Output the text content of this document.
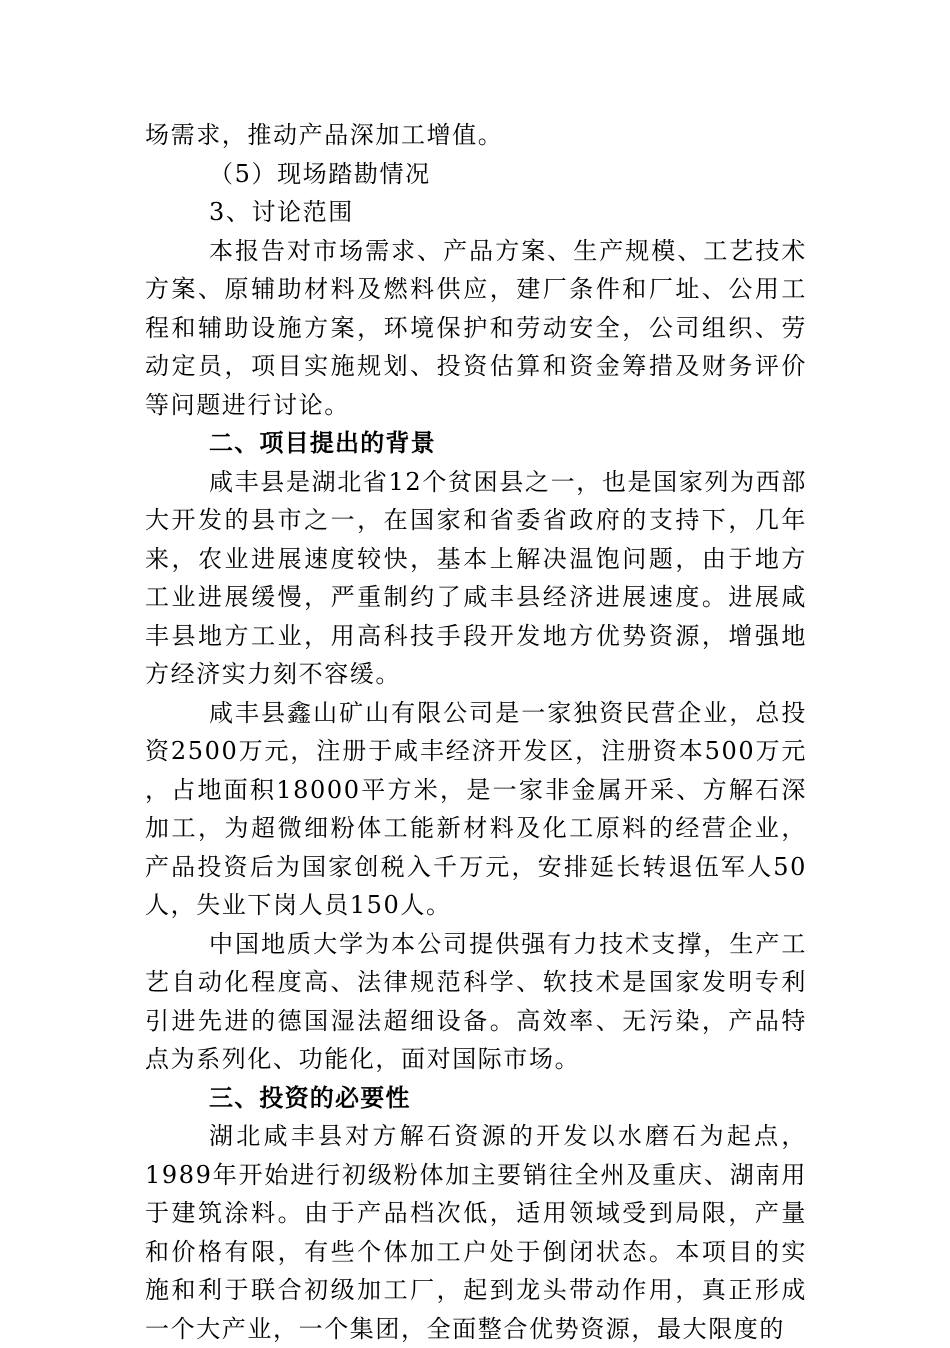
场需求，推动产品深加工增值。

（5）现场踏勘情况

3、讨论范围

本报告对市场需求、产品方案、生产规模、工艺技术方案、原辅助材料及燃料供应，建厂条件和厂址、公用工程和辅助设施方案，环境保护和劳动安全，公司组织、劳动定员，项目实施规划、投资估算和资金筹措及财务评价等问题进行讨论。

二、项目提出的背景

咸丰县是湖北省12个贫困县之一，也是国家列为西部大开发的县市之一，在国家和省委省政府的支持下，几年来，农业进展速度较快，基本上解决温饱问题，由于地方工业进展缓慢，严重制约了咸丰县经济进展速度。进展咸丰县地方工业，用高科技手段开发地方优势资源，增强地方经济实力刻不容缓。

咸丰县鑫山矿山有限公司是一家独资民营企业，总投资2500万元，注册于咸丰经济开发区，注册资本500万元 ，占地面积18000平方米，是一家非金属开采、方解石深加工，为超微细粉体工能新材料及化工原料的经营企业，产品投资后为国家创税入千万元，安排延长转退伍军人50人，失业下岗人员150人。

中国地质大学为本公司提供强有力技术支撑，生产工艺自动化程度高、法律规范科学、软技术是国家发明专利引进先进的德国湿法超细设备。高效率、无污染，产品特点为系列化、功能化，面对国际市场。

三、投资的必要性

湖北咸丰县对方解石资源的开发以水磨石为起点，1989年开始进行初级粉体加主要销往全州及重庆、湖南用于建筑涂料。由于产品档次低，适用领域受到局限，产量和价格有限，有些个体加工户处于倒闭状态。本项目的实施和利于联合初级加工厂，起到龙头带动作用，真正形成一个大产业，一个集团，全面整合优势资源，最大限度的
